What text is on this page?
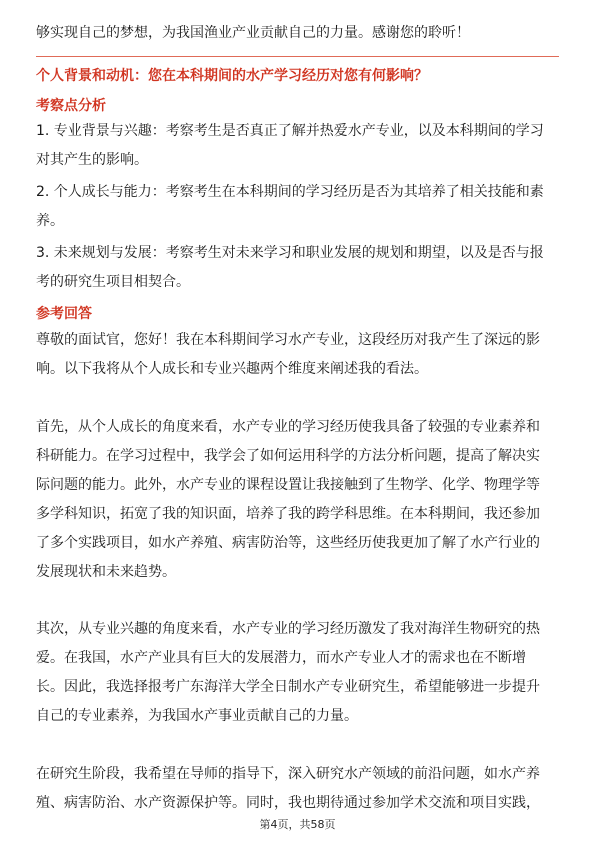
够实现自己的梦想，为我国渔业产业贡献自己的力量。感谢您的聆听！
个人背景和动机：您在本科期间的水产学习经历对您有何影响？
考察点分析
1. 专业背景与兴趣：考察考生是否真正了解并热爱水产专业，以及本科期间的学习
对其产生的影响。
2. 个人成长与能力：考察考生在本科期间的学习经历是否为其培养了相关技能和素
养。
3. 未来规划与发展：考察考生对未来学习和职业发展的规划和期望，以及是否与报
考的研究生项目相契合。
参考回答
尊敬的面试官，您好！我在本科期间学习水产专业，这段经历对我产生了深远的影
响。以下我将从个人成长和专业兴趣两个维度来阐述我的看法。
首先，从个人成长的角度来看，水产专业的学习经历使我具备了较强的专业素养和
科研能力。在学习过程中，我学会了如何运用科学的方法分析问题，提高了解决实
际问题的能力。此外，水产专业的课程设置让我接触到了生物学、化学、物理学等
多学科知识，拓宽了我的知识面，培养了我的跨学科思维。在本科期间，我还参加
了多个实践项目，如水产养殖、病害防治等，这些经历使我更加了解了水产行业的
发展现状和未来趋势。
其次，从专业兴趣的角度来看，水产专业的学习经历激发了我对海洋生物研究的热
爱。在我国，水产产业具有巨大的发展潜力，而水产专业人才的需求也在不断增
长。因此，我选择报考广东海洋大学全日制水产专业研究生，希望能够进一步提升
自己的专业素养，为我国水产事业贡献自己的力量。
在研究生阶段，我希望在导师的指导下，深入研究水产领域的前沿问题，如水产养
殖、病害防治、水产资源保护等。同时，我也期待通过参加学术交流和项目实践，
第4页，共58页
